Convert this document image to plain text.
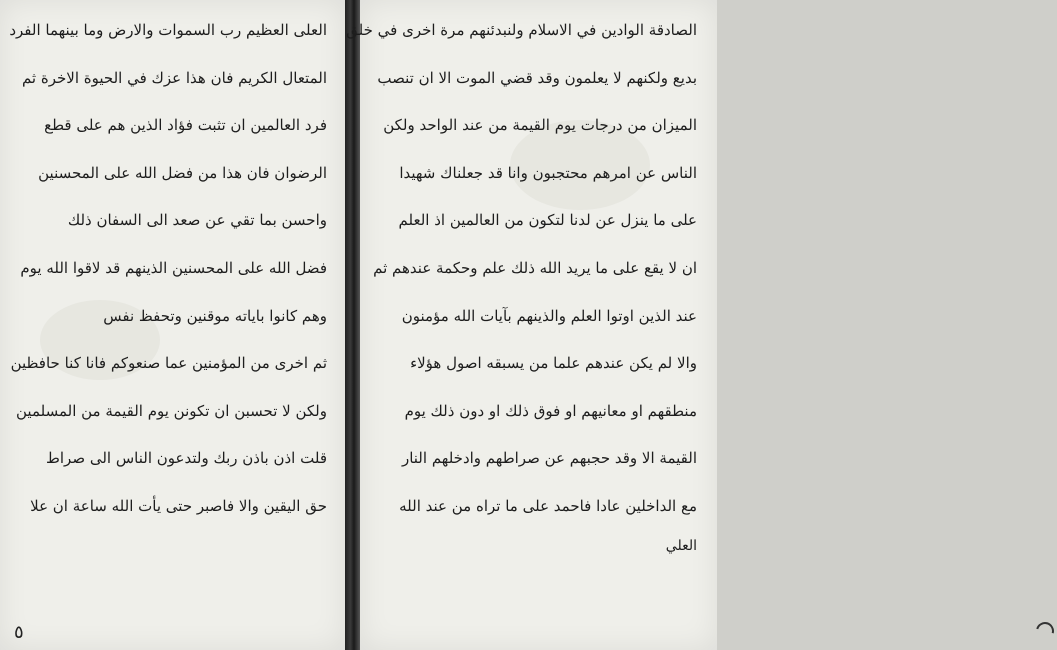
العلی العظيم رب السموات والارض وما بينهما الفرد
المتعال الكريم فان هذا عزك في الحيوة الاخرة ثم
فرد العالمين ان تثبت فؤاد الذين هم على قطع
الرضوان فان هذا من فضل الله على المحسنين
واحسن بما تقي عن صعد الى السفان ذلك
فضل الله على المحسنين الذينهم قد لاقوا الله يوم
وهم كانوا باياته موقنين وتحفظ نفس
ثم اخرى من المؤمنين عما صنعوكم فانا كنا حافظين
ولكن لا تحسبن ان تكونن يوم القيمة من المسلمين
قلت اذن باذن ربك ولتدعون الناس الى صراط
حق اليقين والا فاصبر حتى يأت الله ساعة ان علا
٥
الصادقة الوادين في الاسلام ولنبدئنهم مرة اخرى في خلق
بديع ولكنهم لا يعلمون وقد قضي الموت الا ان تنصب
الميزان من درجات يوم القيمة من عند الواحد ولكن
الناس عن امرهم محتجبون وانا قد جعلناك شهيدا
على ما ينزل عن لدنا لتكون من العالمين اذ العلم
ان لا يقع على ما يريد الله ذلك علم وحكمة عندهم ثم
عند الذين اوتوا العلم والذينهم بآيات الله مؤمنون
والا لم يكن عندهم علما من يسبقه اصول هؤلاء
منطقهم او معانيهم او فوق ذلك او دون ذلك يوم
القيمة الا وقد حجبهم عن صراطهم وادخلهم النار
مع الداخلين عادا فاحمد على ما تراه من عند الله
العلي
